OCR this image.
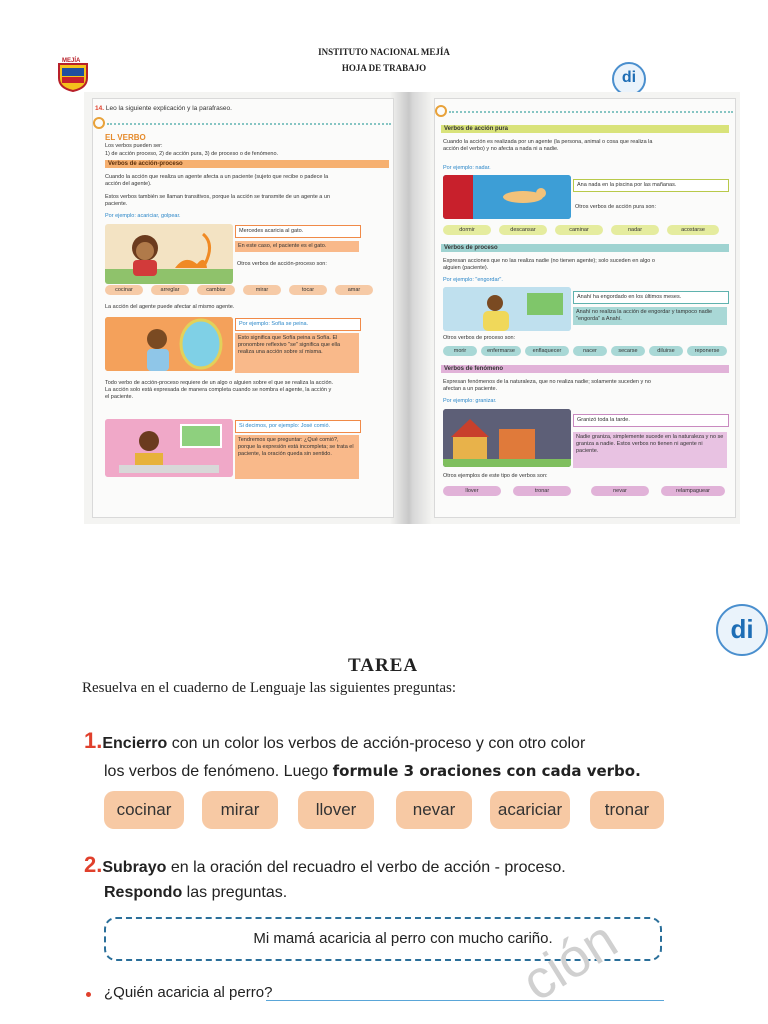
MEJÍA
INSTITUTO NACIONAL MEJÍA
HOJA DE TRABAJO
di
14. Leo la siguiente explicación y la parafraseo.
EL VERBO
Los verbos pueden ser:
1) de acción proceso, 2) de acción pura, 3) de proceso o de fenómeno.
Verbos de acción-proceso
Cuando la acción que realiza un agente afecta a un paciente (sujeto que recibe o padece la acción del agente).
Estos verbos también se llaman transitivos, porque la acción se transmite de un agente a un paciente.
Por ejemplo: acariciar, golpear.
Mercedes acaricia al gato.
En este caso, el paciente es el gato.
Otros verbos de acción-proceso son:
cocinar	arreglar	cambiar	mirar	tocar	amar
La acción del agente puede afectar al mismo agente.
Por ejemplo: Sofía se peina.
Esto significa que Sofía peina a Sofía. El pronombre reflexivo "se" significa que ella realiza una acción sobre sí misma.
Todo verbo de acción-proceso requiere de un algo o alguien sobre el que se realiza la acción. La acción solo está expresada de manera completa cuando se nombra el agente, la acción y el paciente.
Si decimos, por ejemplo: José comió.
Tendremos que preguntar: ¿Qué comió?, porque la expresión está incompleta; se trata el paciente, la oración queda sin sentido.
Verbos de acción pura
Cuando la acción es realizada por un agente (la persona, animal o cosa que realiza la acción del verbo) y no afecta a nada ni a nadie.
Por ejemplo: nadar.
Ana nada en la piscina por las mañanas.
Otros verbos de acción pura son:
dormir	descansar	caminar	nadar	acostarse
Verbos de proceso
Expresan acciones que no las realiza nadie (no tienen agente); solo suceden en algo o alguien (paciente).
Por ejemplo: "engordar".
Anahí ha engordado en los últimos meses.
Anahí no realiza la acción de engordar y tampoco nadie "engorda" a Anahí.
Otros verbos de proceso son:
morir	enfermarse	enflaquecer	nacer	secarse	diluirse	reponerse
Verbos de fenómeno
Expresan fenómenos de la naturaleza, que no realiza nadie; solamente suceden y no afectan a un paciente.
Por ejemplo: granizar.
Granizó toda la tarde.
Nadie graniza, simplemente sucede en la naturaleza y no se graniza a nadie. Estos verbos no tienen ni agente ni paciente.
Otros ejemplos de este tipo de verbos son:
llover	tronar	nevar	relampaguear
di
TAREA
Resuelva en el cuaderno de Lenguaje las siguientes preguntas:
1.Encierro con un color los verbos de acción-proceso y con otro color
los verbos de fenómeno. Luego formule 3 oraciones con cada verbo.
cocinar	mirar	llover	nevar	acariciar	tronar
2.Subrayo en la oración del recuadro el verbo de acción - proceso.
Respondo las preguntas.
Mi mamá acaricia al perro con mucho cariño.
ción
¿Quién acaricia al perro?
